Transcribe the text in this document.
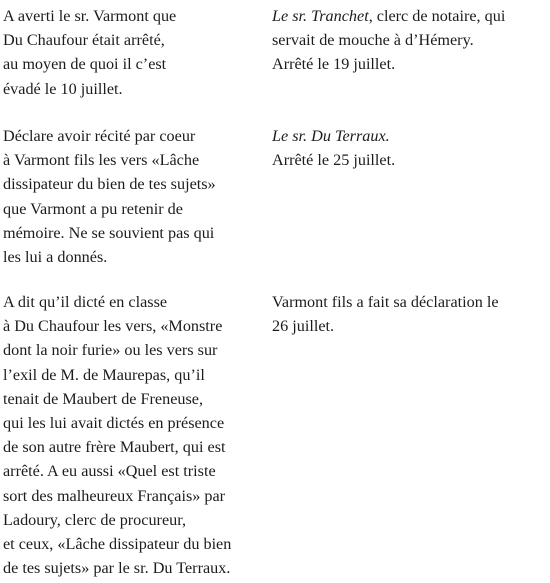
A averti le sr. Varmont que
Du Chaufour était arrêté,
au moyen de quoi il c’est
évadé le 10 juillet.
Le sr. Tranchet, clerc de notaire, qui
servait de mouche à d’Hémery.
Arrêté le 19 juillet.
Déclare avoir récité par coeur
à Varmont fils les vers «Lâche
dissipateur du bien de tes sujets»
que Varmont a pu retenir de
mémoire. Ne se souvient pas qui
les lui a donnés.
Le sr. Du Terraux.
Arrêté le 25 juillet.
A dit qu’il dicté en classe
à Du Chaufour les vers, «Monstre
dont la noir furie» ou les vers sur
l’exil de M. de Maurepas, qu’il
tenait de Maubert de Freneuse,
qui les lui avait dictés en présence
de son autre frère Maubert, qui est
arrêté. A eu aussi «Quel est triste
sort des malheureux Français» par
Ladoury, clerc de procureur,
et ceux, «Lâche dissipateur du bien
de tes sujets» par le sr. Du Terraux.
Varmont fils a fait sa déclaration le
26 juillet.
